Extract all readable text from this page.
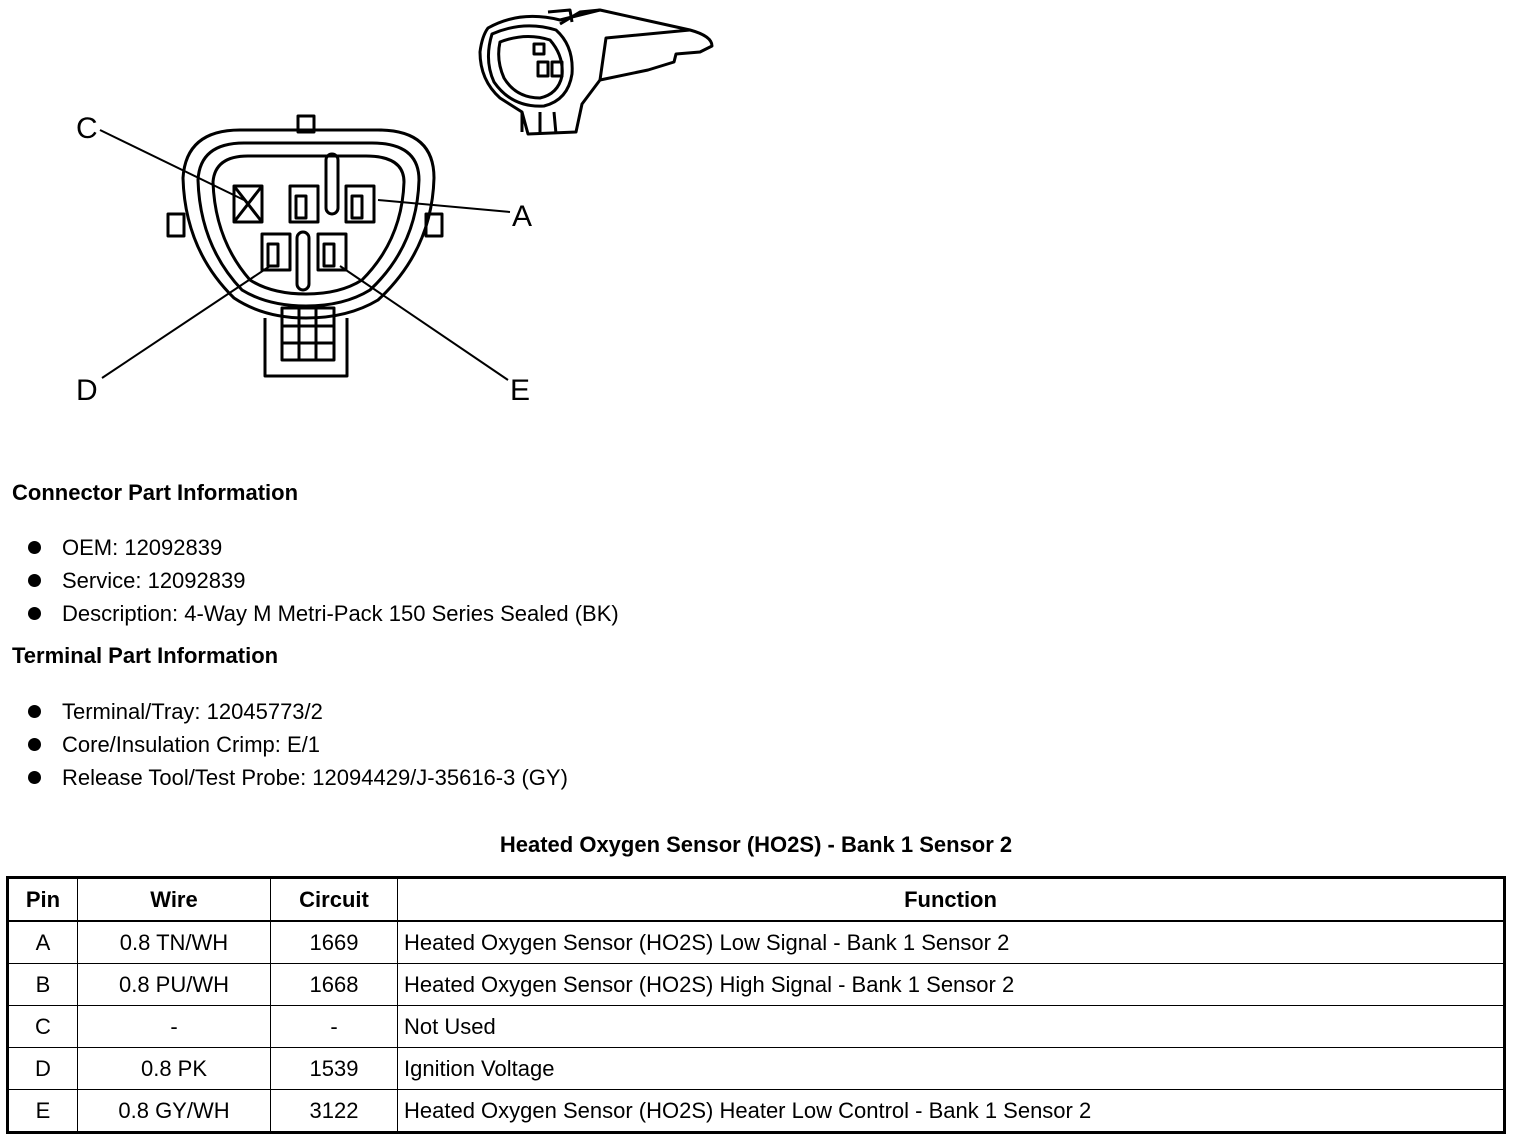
C
A
D	E
Connector Part Information
OEM: 12092839
Service: 12092839
Description: 4-Way M Metri-Pack 150 Series Sealed (BK)
Terminal Part Information
Terminal/Tray: 12045773/2
Core/Insulation Crimp: E/1
Release Tool/Test Probe: 12094429/J-35616-3 (GY)
Heated Oxygen Sensor (HO2S) - Bank 1 Sensor 2
Pin	Wire	Circuit	Function
A	0.8 TN/WH	1669	Heated Oxygen Sensor (HO2S) Low Signal - Bank 1 Sensor 2
B	0.8 PU/WH	1668	Heated Oxygen Sensor (HO2S) High Signal - Bank 1 Sensor 2
C	-	-	Not Used
D	0.8 PK	1539	Ignition Voltage
E	0.8 GY/WH	3122	Heated Oxygen Sensor (HO2S) Heater Low Control - Bank 1 Sensor 2
